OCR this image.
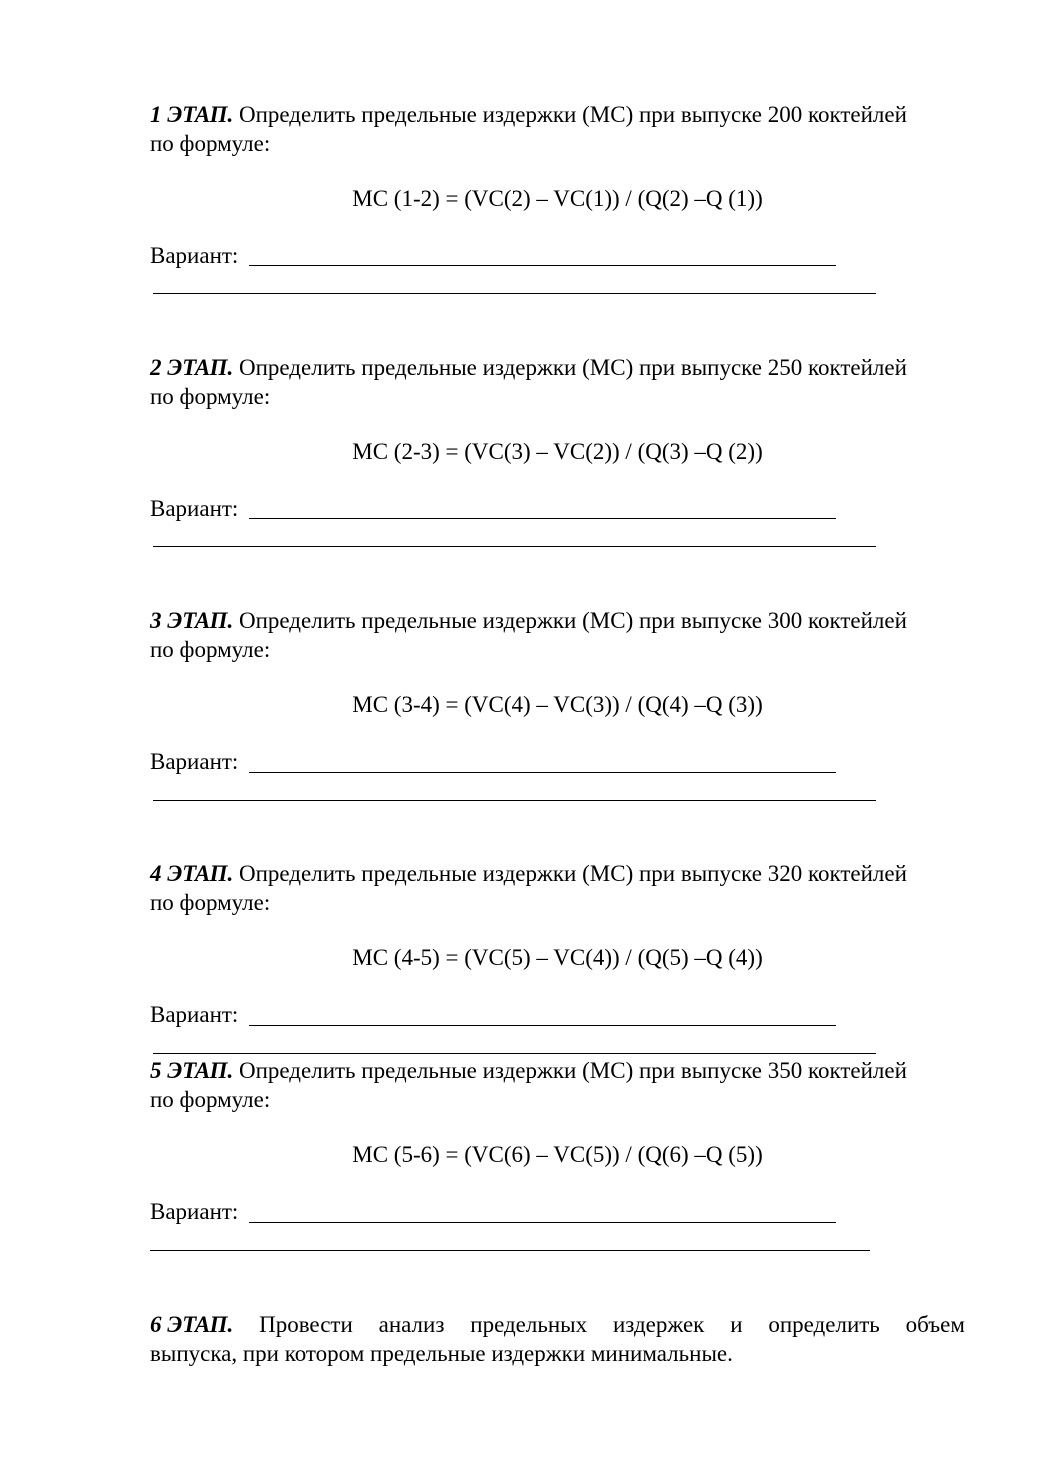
1 ЭТАП. Определить предельные издержки (МС) при выпуске 200 коктейлей
по формуле:
МС (1-2) = (VC(2) – VC(1)) / (Q(2) –Q (1))
Вариант:
2 ЭТАП. Определить предельные издержки (МС) при выпуске 250 коктейлей
по формуле:
МС (2-3) = (VC(3) – VC(2)) / (Q(3) –Q (2))
Вариант:
3 ЭТАП. Определить предельные издержки (МС) при выпуске 300 коктейлей
по формуле:
МС (3-4) = (VC(4) – VC(3)) / (Q(4) –Q (3))
Вариант:
4 ЭТАП. Определить предельные издержки (МС) при выпуске 320 коктейлей
по формуле:
МС (4-5) = (VC(5) – VC(4)) / (Q(5) –Q (4))
Вариант:
5 ЭТАП. Определить предельные издержки (МС) при выпуске 350 коктейлей
по формуле:
МС (5-6) = (VC(6) – VC(5)) / (Q(6) –Q (5))
Вариант:
6 ЭТАП. Провести анализ предельных издержек и определить объем
выпуска, при котором предельные издержки минимальные.
